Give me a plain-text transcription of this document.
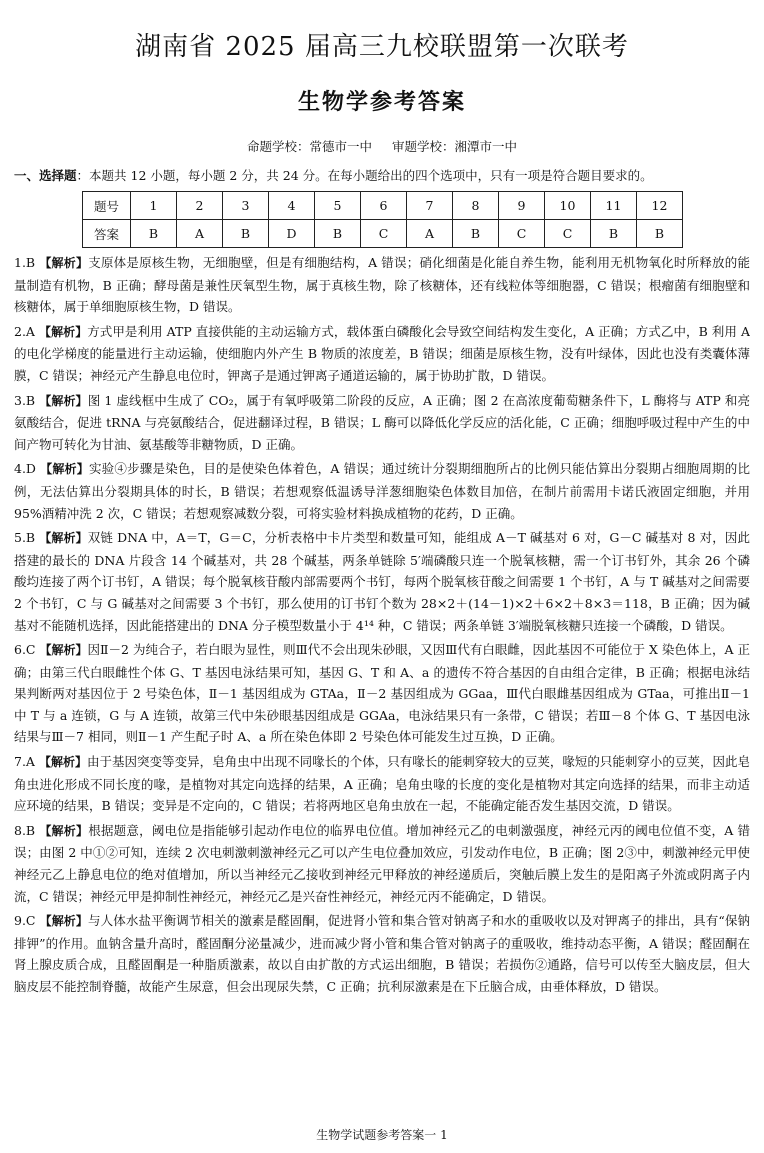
湖南省 2025 届高三九校联盟第一次联考
生物学参考答案
命题学校：常德市一中 审题学校：湘潭市一中
一、选择题：本题共 12 小题，每小题 2 分，共 24 分。在每小题给出的四个选项中，只有一项是符合题目要求的。
题号	1	2	3	4	5	6	7	8	9	10	11	12
答案	B	A	B	D	B	C	A	B	C	C	B	B

1.B 【解析】支原体是原核生物，无细胞壁，但是有细胞结构，A 错误；硝化细菌是化能自养生物，能利用无机物氧化时所释放的能量制造有机物，B 正确；酵母菌是兼性厌氧型生物，属于真核生物，除了核糖体，还有线粒体等细胞器，C 错误；根瘤菌有细胞壁和核糖体，属于单细胞原核生物，D 错误。

2.A 【解析】方式甲是利用 ATP 直接供能的主动运输方式，载体蛋白磷酸化会导致空间结构发生变化，A 正确；方式乙中，B 利用 A 的电化学梯度的能量进行主动运输，使细胞内外产生 B 物质的浓度差，B 错误；细菌是原核生物，没有叶绿体，因此也没有类囊体薄膜，C 错误；神经元产生静息电位时，钾离子是通过钾离子通道运输的，属于协助扩散，D 错误。

3.B 【解析】图 1 虚线框中生成了 CO₂，属于有氧呼吸第二阶段的反应，A 正确；图 2 在高浓度葡萄糖条件下，L 酶将与 ATP 和亮氨酸结合，促进 tRNA 与亮氨酸结合，促进翻译过程，B 错误；L 酶可以降低化学反应的活化能，C 正确；细胞呼吸过程中产生的中间产物可转化为甘油、氨基酸等非糖物质，D 正确。

4.D 【解析】实验④步骤是染色，目的是使染色体着色，A 错误；通过统计分裂期细胞所占的比例只能估算出分裂期占细胞周期的比例，无法估算出分裂期具体的时长，B 错误；若想观察低温诱导洋葱细胞染色体数目加倍，在制片前需用卡诺氏液固定细胞，并用 95%酒精冲洗 2 次，C 错误；若想观察减数分裂，可将实验材料换成植物的花药，D 正确。

5.B 【解析】双链 DNA 中，A＝T，G＝C，分析表格中卡片类型和数量可知，能组成 A－T 碱基对 6 对，G－C 碱基对 8 对，因此搭建的最长的 DNA 片段含 14 个碱基对，共 28 个碱基，两条单链除 5′端磷酸只连一个脱氧核糖，需一个订书钉外，其余 26 个磷酸均连接了两个订书钉，A 错误；每个脱氧核苷酸内部需要两个书钉，每两个脱氧核苷酸之间需要 1 个书钉，A 与 T 碱基对之间需要 2 个书钉，C 与 G 碱基对之间需要 3 个书钉，那么使用的订书钉个数为 28×2＋(14－1)×2＋6×2＋8×3＝118，B 正确；因为碱基对不能随机选择，因此能搭建出的 DNA 分子模型数量小于 4¹⁴ 种，C 错误；两条单链 3′端脱氧核糖只连接一个磷酸，D 错误。

6.C 【解析】因Ⅱ－2 为纯合子，若白眼为显性，则Ⅲ代不会出现朱砂眼，又因Ⅲ代有白眼雌，因此基因不可能位于 X 染色体上，A 正确；由第三代白眼雌性个体 G、T 基因电泳结果可知，基因 G、T 和 A、a 的遗传不符合基因的自由组合定律，B 正确；根据电泳结果判断两对基因位于 2 号染色体，Ⅱ－1 基因组成为 GTAa，Ⅱ－2 基因组成为 GGaa，Ⅲ代白眼雌基因组成为 GTaa，可推出Ⅱ－1 中 T 与 a 连锁，G 与 A 连锁，故第三代中朱砂眼基因组成是 GGAa，电泳结果只有一条带，C 错误；若Ⅲ－8 个体 G、T 基因电泳结果与Ⅲ－7 相同，则Ⅱ－1 产生配子时 A、a 所在染色体即 2 号染色体可能发生过互换，D 正确。

7.A 【解析】由于基因突变等变异，皂角虫中出现不同喙长的个体，只有喙长的能刺穿较大的豆荚，喙短的只能刺穿小的豆荚，因此皂角虫进化形成不同长度的喙，是植物对其定向选择的结果，A 正确；皂角虫喙的长度的变化是植物对其定向选择的结果，而非主动适应环境的结果，B 错误；变异是不定向的，C 错误；若将两地区皂角虫放在一起，不能确定能否发生基因交流，D 错误。

8.B 【解析】根据题意，阈电位是指能够引起动作电位的临界电位值。增加神经元乙的电刺激强度，神经元丙的阈电位值不变，A 错误；由图 2 中①②可知，连续 2 次电刺激刺激神经元乙可以产生电位叠加效应，引发动作电位，B 正确；图 2③中，刺激神经元甲使神经元乙上静息电位的绝对值增加，所以当神经元乙接收到神经元甲释放的神经递质后，突触后膜上发生的是阳离子外流或阴离子内流，C 错误；神经元甲是抑制性神经元，神经元乙是兴奋性神经元，神经元丙不能确定，D 错误。

9.C 【解析】与人体水盐平衡调节相关的激素是醛固酮，促进肾小管和集合管对钠离子和水的重吸收以及对钾离子的排出，具有“保钠排钾”的作用。血钠含量升高时，醛固酮分泌量减少，进而减少肾小管和集合管对钠离子的重吸收，维持动态平衡，A 错误；醛固酮在肾上腺皮质合成，且醛固酮是一种脂质激素，故以自由扩散的方式运出细胞，B 错误；若损伤②通路，信号可以传至大脑皮层，但大脑皮层不能控制脊髓，故能产生尿意，但会出现尿失禁，C 正确；抗利尿激素是在下丘脑合成，由垂体释放，D 错误。

生物学试题参考答案一 1
